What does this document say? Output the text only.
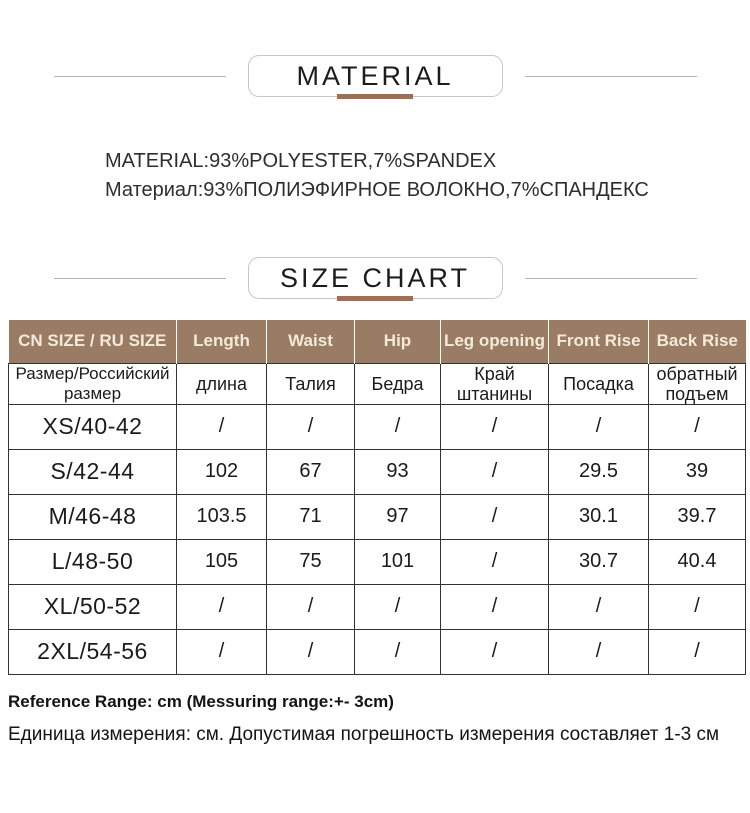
MATERIAL
MATERIAL:93%POLYESTER,7%SPANDEX
Материал:93%ПОЛИЭФИРНОЕ ВОЛОКНО,7%СПАНДЕКС
SIZE CHART
CN SIZE / RU SIZE	Length	Waist	Hip	Leg opening	Front Rise	Back Rise
Размер/Российский размер	длина	Талия	Бедра	Край штанины	Посадка	обратный подъем
XS/40-42	/	/	/	/	/	/
S/42-44	102	67	93	/	29.5	39
M/46-48	103.5	71	97	/	30.1	39.7
L/48-50	105	75	101	/	30.7	40.4
XL/50-52	/	/	/	/	/	/
2XL/54-56	/	/	/	/	/	/
Reference Range: cm (Messuring range:+- 3cm)
Единица измерения: см. Допустимая погрешность измерения составляет 1-3 см
